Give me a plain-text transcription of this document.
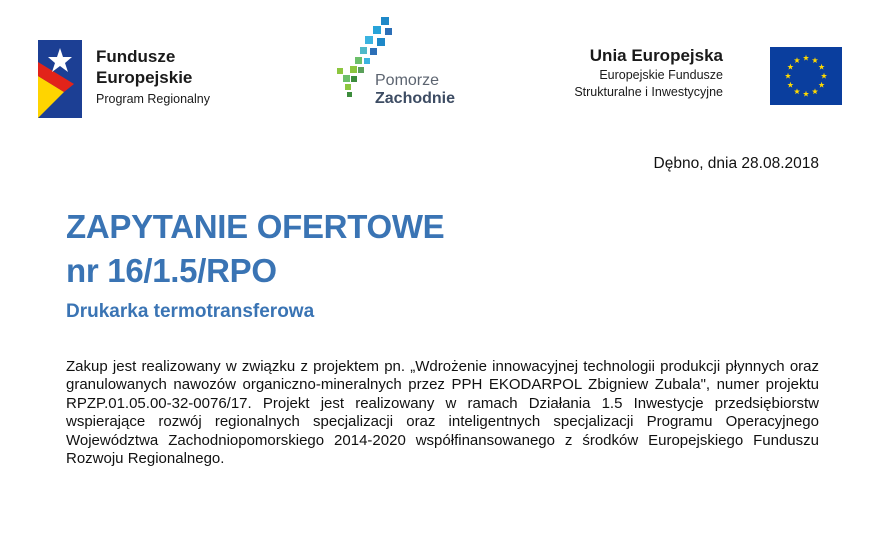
Fundusze
Europejskie
Program Regionalny
Pomorze
Zachodnie
Unia Europejska
Europejskie Fundusze
Strukturalne i Inwestycyjne
Dębno, dnia 28.08.2018
ZAPYTANIE OFERTOWE
nr 16/1.5/RPO
Drukarka termotransferowa
Zakup jest realizowany w związku z projektem pn. „Wdrożenie innowacyjnej technologii produkcji płynnych oraz granulowanych nawozów organiczno-mineralnych przez PPH EKODARPOL Zbigniew Zubala", numer projektu RPZP.01.05.00-32-0076/17. Projekt jest realizowany w ramach Działania 1.5 Inwestycje przedsiębiorstw wspierające rozwój regionalnych specjalizacji oraz inteligentnych specjalizacji Programu Operacyjnego Województwa Zachodniopomorskiego 2014-2020 współfinansowanego z środków Europejskiego Funduszu Rozwoju Regionalnego.
